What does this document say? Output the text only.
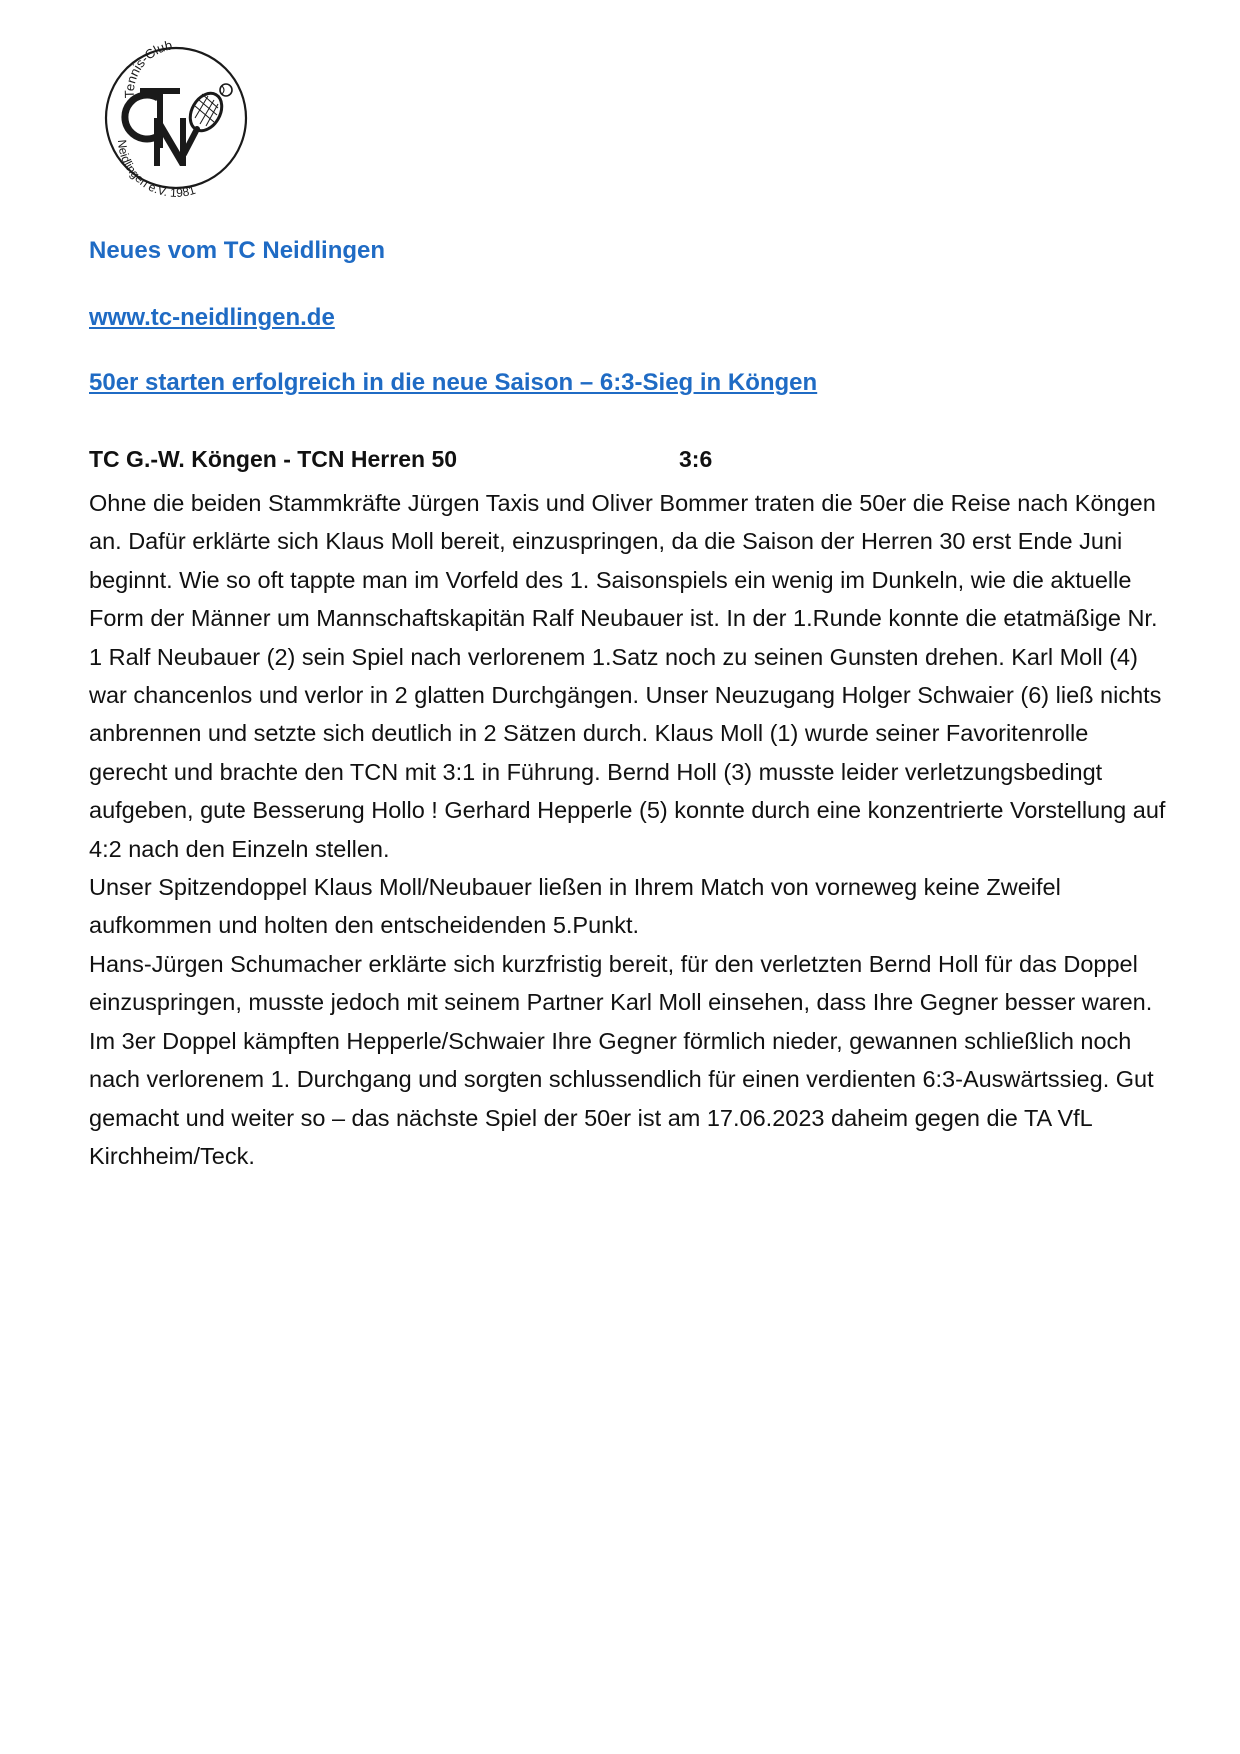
Tennis-Club
Neidlingen e.V. 1981
Neues vom TC Neidlingen
www.tc-neidlingen.de
50er starten erfolgreich in die neue Saison – 6:3-Sieg in Köngen
TC G.-W. Köngen - TCN Herren 50	3:6

Ohne die beiden Stammkräfte Jürgen Taxis und Oliver Bommer traten die 50er die Reise nach Köngen an. Dafür erklärte sich Klaus Moll bereit, einzuspringen, da die Saison der Herren 30 erst Ende Juni beginnt. Wie so oft tappte man im Vorfeld des 1. Saisonspiels ein wenig im Dunkeln, wie die aktuelle Form der Männer um Mannschaftskapitän Ralf Neubauer ist. In der 1.Runde konnte die etatmäßige Nr. 1 Ralf Neubauer (2) sein Spiel nach verlorenem 1.Satz noch zu seinen Gunsten drehen. Karl Moll (4) war chancenlos und verlor in 2 glatten Durchgängen. Unser Neuzugang Holger Schwaier (6) ließ nichts anbrennen und setzte sich deutlich in 2 Sätzen durch. Klaus Moll (1) wurde seiner Favoritenrolle gerecht und brachte den TCN mit 3:1 in Führung. Bernd Holl (3) musste leider verletzungsbedingt aufgeben, gute Besserung Hollo ! Gerhard Hepperle (5) konnte durch eine konzentrierte Vorstellung auf 4:2 nach den Einzeln stellen.

Unser Spitzendoppel Klaus Moll/Neubauer ließen in Ihrem Match von vorneweg keine Zweifel aufkommen und holten den entscheidenden 5.Punkt.

Hans-Jürgen Schumacher erklärte sich kurzfristig bereit, für den verletzten Bernd Holl für das Doppel einzuspringen, musste jedoch mit seinem Partner Karl Moll einsehen, dass Ihre Gegner besser waren. Im 3er Doppel kämpften Hepperle/Schwaier Ihre Gegner förmlich nieder, gewannen schließlich noch nach verlorenem 1. Durchgang und sorgten schlussendlich für einen verdienten 6:3-Auswärtssieg. Gut gemacht und weiter so – das nächste Spiel der 50er ist am 17.06.2023 daheim gegen die TA VfL Kirchheim/Teck.
